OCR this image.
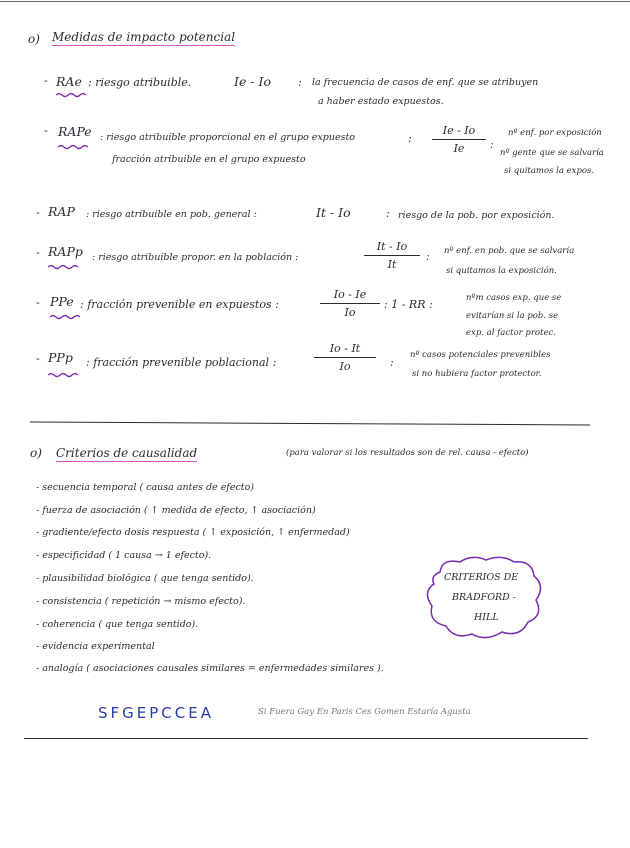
o) Medidas de impacto potencial
- RAe : riesgo atribuible.	Ie - Io : la frecuencia de casos de enf. que se atribuyen
a haber estado expuestos.
- RAPe : riesgo atribuible proporcional en el grupo expuesto
fracción atribuible en el grupo expuesto
:
Ie - Io
Ie	:
nº enf. por exposición
nº gente que se salvaría
si quitamos la expos.
- RAP : riesgo atribuible en pob. general :	It - Io	: riesgo de la pob. por exposición.
- RAPp : riesgo atribuible propor. en la población :
It - Io
It
: nº enf. en pob. que se salvaría
si quitamos la exposición.
- PPe : fracción prevenible en expuestos :
Io - Ie
Io
: 1 - RR :	nºm casos exp. que se
evitarían si la pob. se
exp. al factor protec.
- PPp : fracción prevenible poblacional :
Io - It
Io	:
nº casos potenciales prevenibles
si no hubiera factor protector.
o) Criterios de causalidad	(para valorar si los resultados son de rel. causa - efecto)
- secuencia temporal ( causa antes de efecto)
- fuerza de asociación ( ↑ medida de efecto, ↑ asociación)
- gradiente/efecto dosis respuesta ( ↑ exposición, ↑ enfermedad)
- especificidad ( 1 causa → 1 efecto).
- plausibilidad biológica ( que tenga sentido).
- consistencia ( repetición → mismo efecto).
- coherencia ( que tenga sentido).
- evidencia experimental
- analogía ( asociaciones causales similares = enfermedades similares ).
CRITERIOS DE
BRADFORD -
HILL
SFGEPCCEA	Si Fuera Gay En Paris Ces Gomen Estaría Agusta
